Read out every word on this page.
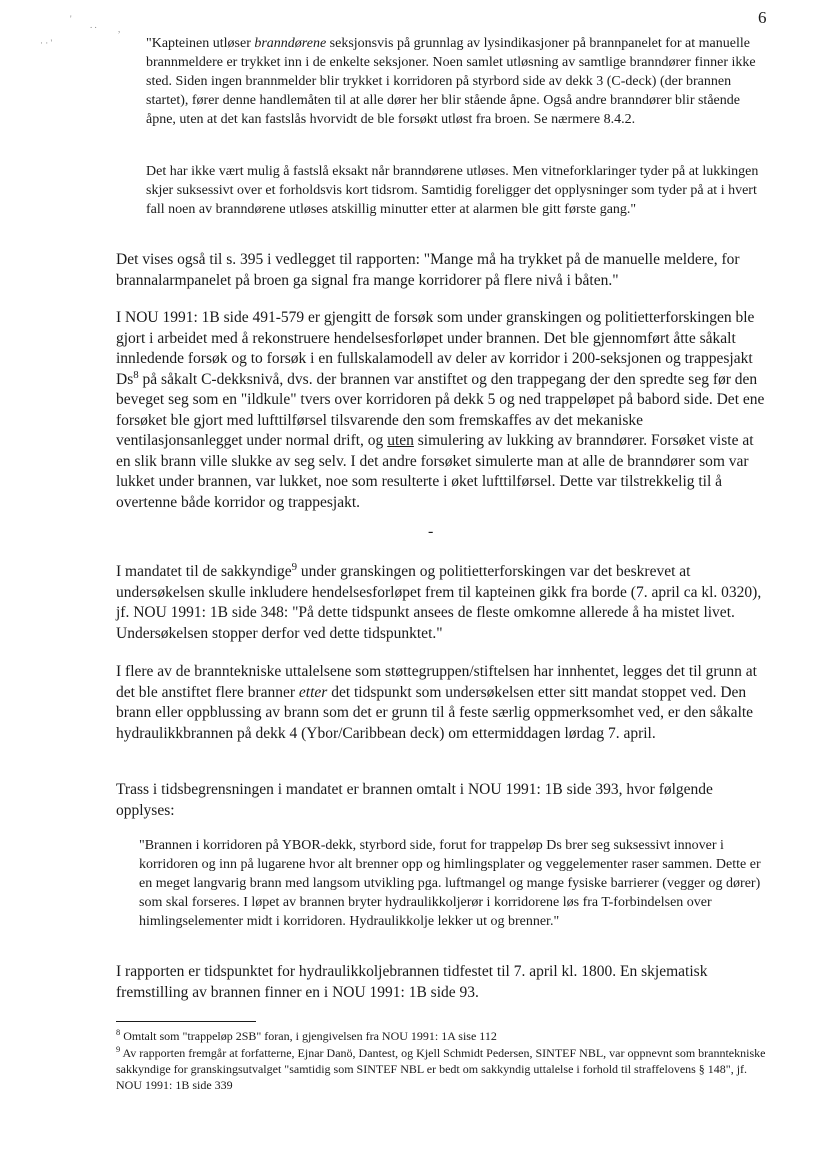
'
. . ,
· · '
6
"Kapteinen utløser branndørene seksjonsvis på grunnlag av lysindikasjoner på brannpanelet for at manuelle brannmeldere er trykket inn i de enkelte seksjoner. Noen samlet utløsning av samtlige branndører finner ikke sted. Siden ingen brannmelder blir trykket i korridoren på styrbord side av dekk 3 (C-deck) (der brannen startet), fører denne handlemåten til at alle dører her blir stående åpne. Også andre branndører blir stående åpne, uten at det kan fastslås hvorvidt de ble forsøkt utløst fra broen. Se nærmere 8.4.2.
Det har ikke vært mulig å fastslå eksakt når branndørene utløses. Men vitneforklaringer tyder på at lukkingen skjer suksessivt over et forholdsvis kort tidsrom. Samtidig foreligger det opplysninger som tyder på at i hvert fall noen av branndørene utløses atskillig minutter etter at alarmen ble gitt første gang."

Det vises også til s. 395 i vedlegget til rapporten: "Mange må ha trykket på de manuelle meldere, for brannalarmpanelet på broen ga signal fra mange korridorer på flere nivå i båten."

I NOU 1991: 1B side 491-579 er gjengitt de forsøk som under granskingen og politietterforskingen ble gjort i arbeidet med å rekonstruere hendelsesforløpet under brannen. Det ble gjennomført åtte såkalt innledende forsøk og to forsøk i en fullskalamodell av deler av korridor i 200-seksjonen og trappesjakt Ds$^8$ på såkalt C-dekksnivå, dvs. der brannen var anstiftet og den trappegang der den spredte seg før den beveget seg som en "ildkule" tvers over korridoren på dekk 5 og ned trappeløpet på babord side. Det ene forsøket ble gjort med lufttilførsel tilsvarende den som fremskaffes av det mekaniske ventilasjonsanlegget under normal drift, og uten simulering av lukking av branndører. Forsøket viste at en slik brann ville slukke av seg selv. I det andre forsøket simulerte man at alle de branndører som var lukket under brannen, var lukket, noe som resulterte i øket lufttilførsel. Dette var tilstrekkelig til å overtenne både korridor og trappesjakt.

-

I mandatet til de sakkyndige$^9$ under granskingen og politietterforskingen var det beskrevet at undersøkelsen skulle inkludere hendelsesforløpet frem til kapteinen gikk fra borde (7. april ca kl. 0320), jf. NOU 1991: 1B side 348: "På dette tidspunkt ansees de fleste omkomne allerede å ha mistet livet. Undersøkelsen stopper derfor ved dette tidspunktet."

I flere av de branntekniske uttalelsene som støttegruppen/stiftelsen har innhentet, legges det til grunn at det ble anstiftet flere branner etter det tidspunkt som undersøkelsen etter sitt mandat stoppet ved. Den brann eller oppblussing av brann som det er grunn til å feste særlig oppmerksomhet ved, er den såkalte hydraulikkbrannen på dekk 4 (Ybor/Caribbean deck) om ettermiddagen lørdag 7. april.

Trass i tidsbegrensningen i mandatet er brannen omtalt i NOU 1991: 1B side 393, hvor følgende opplyses:

"Brannen i korridoren på YBOR-dekk, styrbord side, forut for trappeløp Ds brer seg suksessivt innover i korridoren og inn på lugarene hvor alt brenner opp og himlingsplater og veggelementer raser sammen. Dette er en meget langvarig brann med langsom utvikling pga. luftmangel og mange fysiske barrierer (vegger og dører) som skal forseres. I løpet av brannen bryter hydraulikkoljerør i korridorene løs fra T-forbindelsen over himlingselementer midt i korridoren. Hydraulikkolje lekker ut og brenner."

I rapporten er tidspunktet for hydraulikkoljebrannen tidfestet til 7. april kl. 1800. En skjematisk fremstilling av brannen finner en i NOU 1991: 1B side 93.

$^8$ Omtalt som "trappeløp 2SB" foran, i gjengivelsen fra NOU 1991: 1A sise 112
$^9$ Av rapporten fremgår at forfatterne, Ejnar Danö, Dantest, og Kjell Schmidt Pedersen, SINTEF NBL, var oppnevnt som branntekniske sakkyndige for granskingsutvalget "samtidig som SINTEF NBL er bedt om sakkyndig uttalelse i forhold til straffelovens § 148", jf. NOU 1991: 1B side 339
